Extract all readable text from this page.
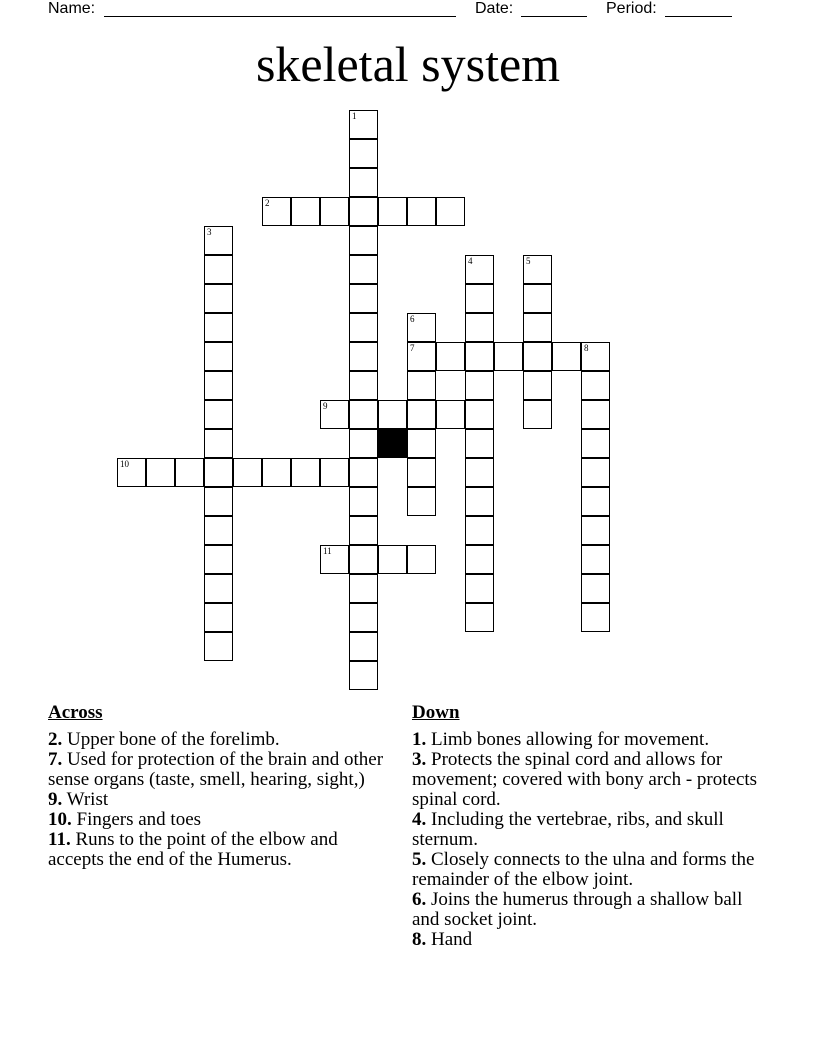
Name:	Date:	Period:
skeletal system
1
2
3
4	5
6
7	8
9
10
11
Across
2. Upper bone of the forelimb.
7. Used for protection of the brain and other sense organs (taste, smell, hearing, sight,)
9. Wrist
10. Fingers and toes
11. Runs to the point of the elbow and accepts the end of the Humerus.
Down
1. Limb bones allowing for movement.
3. Protects the spinal cord and allows for movement; covered with bony arch - protects spinal cord.
4. Including the vertebrae, ribs, and skull sternum.
5. Closely connects to the ulna and forms the remainder of the elbow joint.
6. Joins the humerus through a shallow ball and socket joint.
8. Hand
